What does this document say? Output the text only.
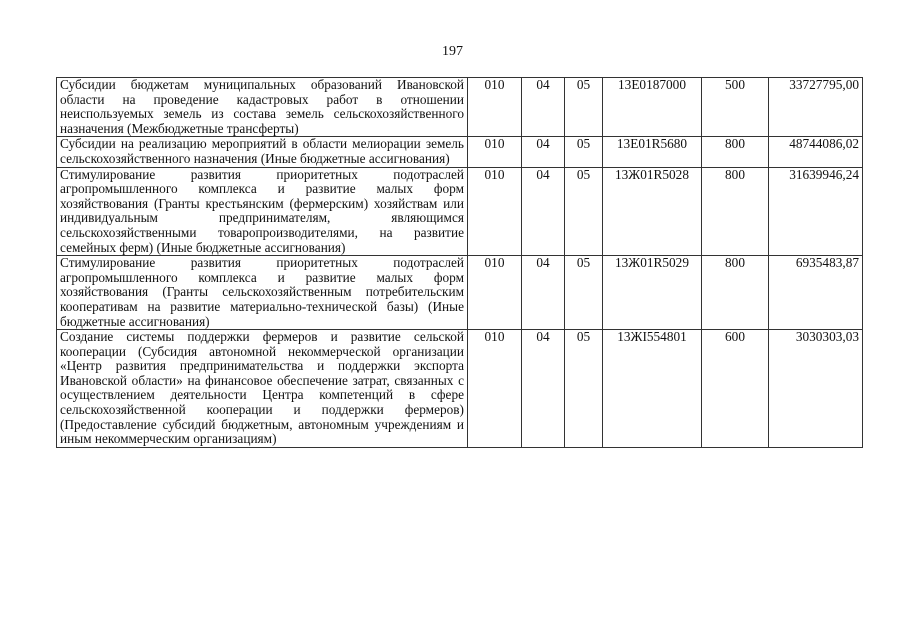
197
Субсидии бюджетам муниципальных образований Ивановской области на проведение кадастровых работ в отношении неиспользуемых земель из состава земель сельскохозяйственного назначения (Межбюджетные трансферты)	010	04	05	13Е0187000	500	33727795,00
Субсидии на реализацию мероприятий в области мелиорации земель сельскохозяйственного назначения (Иные бюджетные ассигнования)	010	04	05	13Е01R5680	800	48744086,02
Стимулирование развития приоритетных подотраслей агропромышленного комплекса и развитие малых форм хозяйствования (Гранты крестьянским (фермерским) хозяйствам или индивидуальным предпринимателям, являющимся сельскохозяйственными товаропроизводителями, на развитие семейных ферм) (Иные бюджетные ассигнования)	010	04	05	13Ж01R5028	800	31639946,24
Стимулирование развития приоритетных подотраслей агропромышленного комплекса и развитие малых форм хозяйствования (Гранты сельскохозяйственным потребительским кооперативам на развитие материально-технической базы) (Иные бюджетные ассигнования)	010	04	05	13Ж01R5029	800	6935483,87
Создание системы поддержки фермеров и развитие сельской кооперации (Субсидия автономной некоммерческой организации «Центр развития предпринимательства и поддержки экспорта Ивановской области» на финансовое обеспечение затрат, связанных с осуществлением деятельности Центра компетенций в сфере сельскохозяйственной кооперации и поддержки фермеров) (Предоставление субсидий бюджетным, автономным учреждениям и иным некоммерческим организациям)	010	04	05	13ЖI554801	600	3030303,03
